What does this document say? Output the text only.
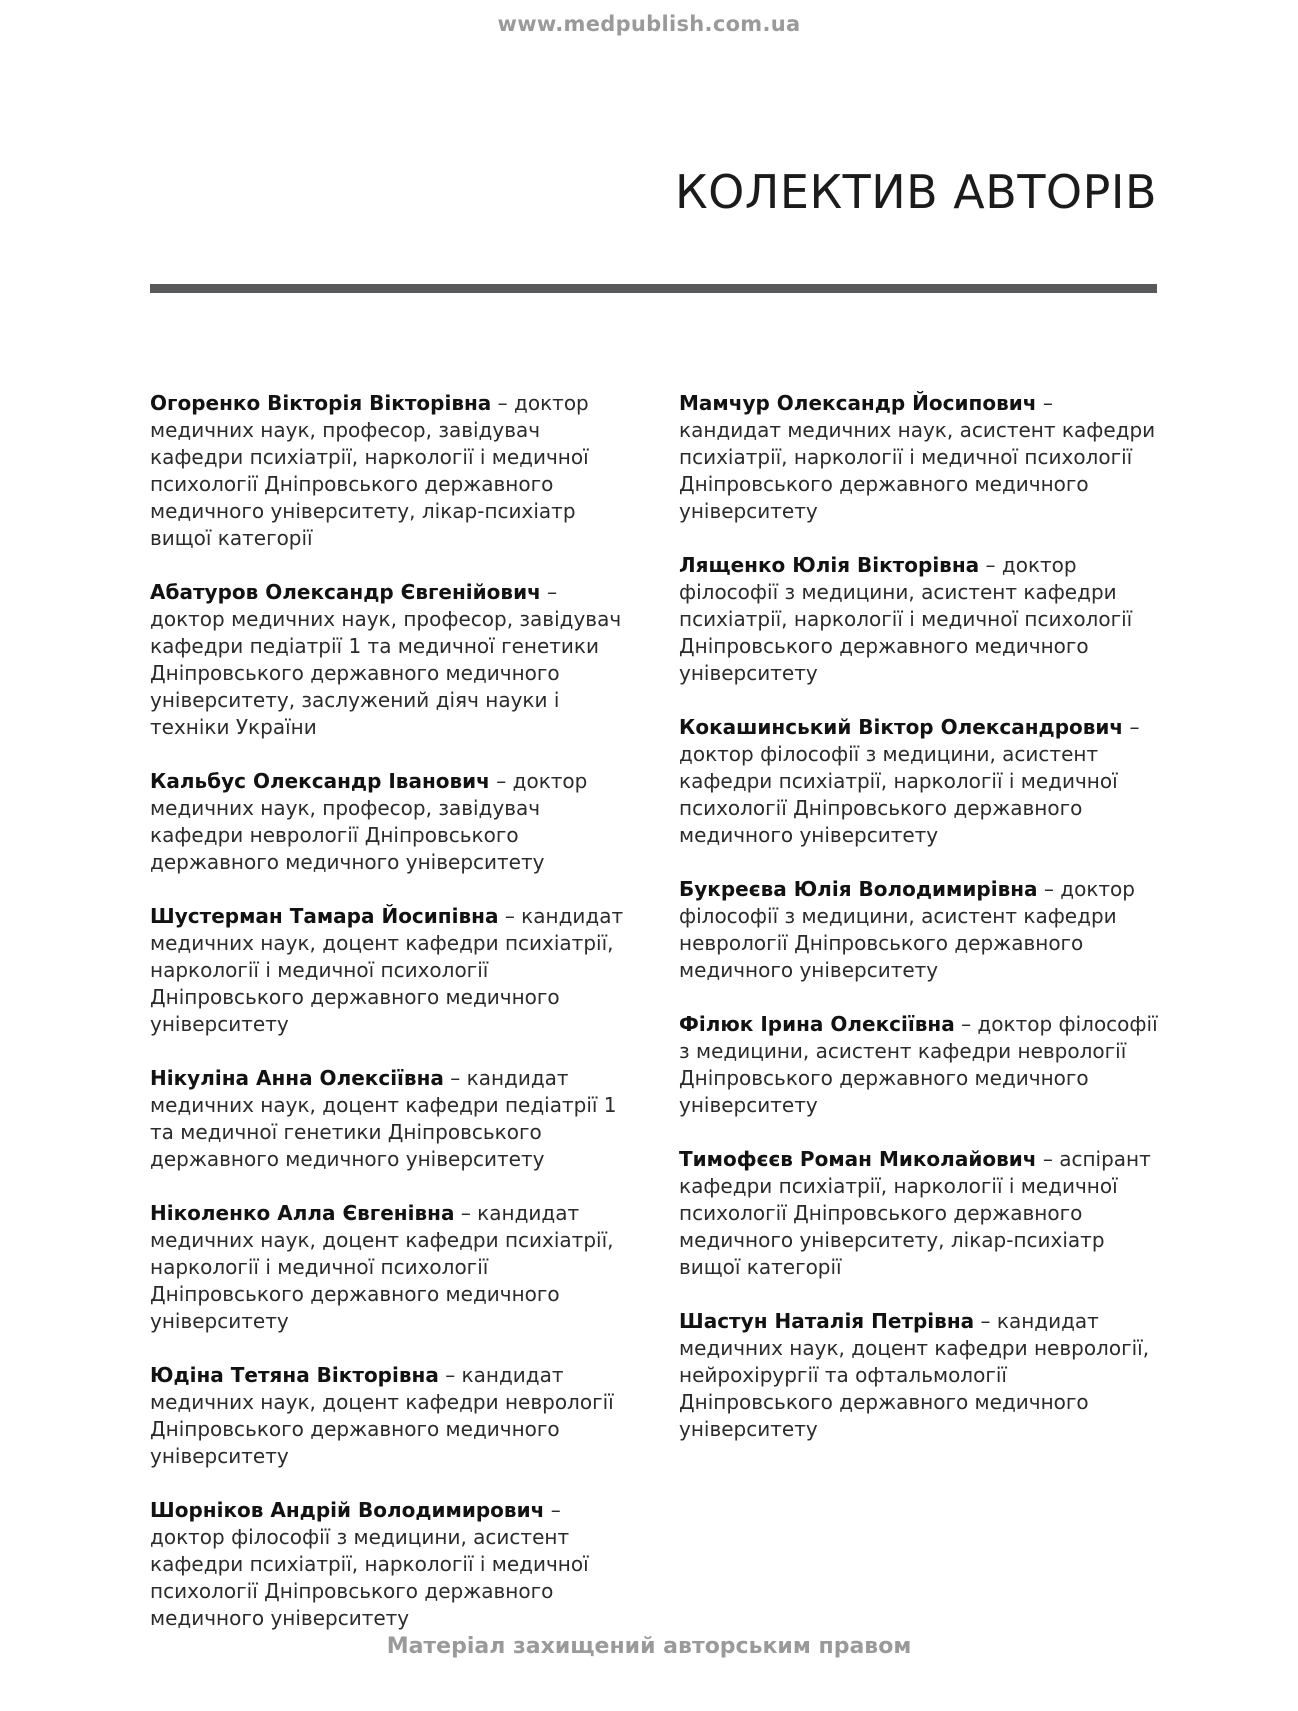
www.medpublish.com.ua
КОЛЕКТИВ АВТОРІВ

Огоренко Вікторія Вікторівна – доктор медичних наук, професор, завідувач кафедри психіатрії, наркології і медичної психології Дніпровського державного медичного університету, лікар-психіатр вищої категорії

Абатуров Олександр Євгенійович – доктор медичних наук, професор, завідувач кафедри педіатрії 1 та медичної генетики Дніпровського державного медичного університету, заслужений діяч науки і техніки України

Кальбус Олександр Іванович – доктор медичних наук, професор, завідувач кафедри неврології Дніпровського державного медичного університету

Шустерман Тамара Йосипівна – кандидат медичних наук, доцент кафедри психіатрії, наркології і медичної психології Дніпровського державного медичного університету

Нікуліна Анна Олексіївна – кандидат медичних наук, доцент кафедри педіатрії 1 та медичної генетики Дніпровського державного медичного університету

Ніколенко Алла Євгенівна – кандидат медичних наук, доцент кафедри психіатрії, наркології і медичної психології Дніпровського державного медичного університету

Юдіна Тетяна Вікторівна – кандидат медичних наук, доцент кафедри неврології Дніпровського державного медичного університету

Шорніков Андрій Володимирович – доктор філософії з медицини, асистент кафедри психіатрії, наркології і медичної психології Дніпровського державного медичного університету

Мамчур Олександр Йосипович – кандидат медичних наук, асистент кафедри психіатрії, наркології і медичної психології Дніпровського державного медичного університету

Лященко Юлія Вікторівна – доктор філософії з медицини, асистент кафедри психіатрії, наркології і медичної психології Дніпровського державного медичного університету

Кокашинський Віктор Олександрович – доктор філософії з медицини, асистент кафедри психіатрії, наркології і медичної психології Дніпровського державного медичного університету

Букреєва Юлія Володимирівна – доктор філософії з медицини, асистент кафедри неврології Дніпровського державного медичного університету

Філюк Ірина Олексіївна – доктор філософії з медицини, асистент кафедри неврології Дніпровського державного медичного університету

Тимофєєв Роман Миколайович – аспірант кафедри психіатрії, наркології і медичної психології Дніпровського державного медичного університету, лікар-психіатр вищої категорії

Шастун Наталія Петрівна – кандидат медичних наук, доцент кафедри неврології, нейрохірургії та офтальмології Дніпровського державного медичного університету

Матеріал захищений авторським правом
